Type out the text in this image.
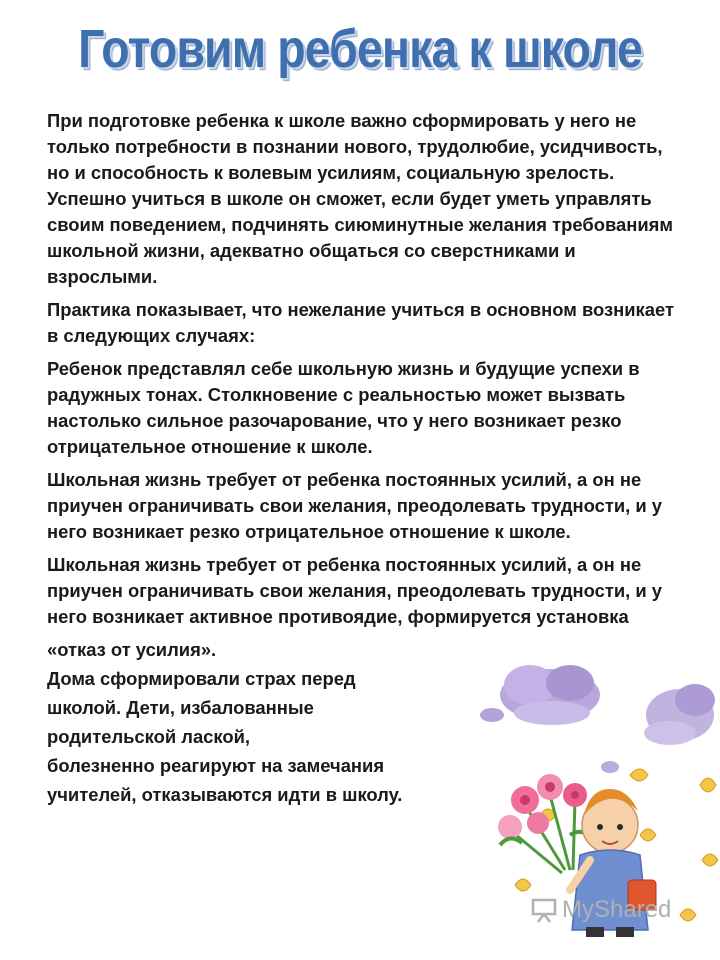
Готовим ребенка к школе

При подготовке ребенка к школе важно сформировать у него не только потребности в познании нового, трудолюбие, усидчивость, но и способность к волевым усилиям, социальную зрелость. Успешно учиться в школе он сможет, если будет уметь управлять своим поведением, подчинять сиюминутные желания требованиям школьной жизни, адекватно общаться со сверстниками и взрослыми.

Практика показывает, что нежелание учиться в основном возникает в следующих случаях:

Ребенок представлял себе школьную жизнь и будущие успехи в радужных тонах. Столкновение с реальностью может вызвать настолько сильное разочарование, что у него возникает резко отрицательное отношение к школе.

Школьная жизнь требует от ребенка постоянных усилий, а он не приучен ограничивать свои желания, преодолевать трудности, и у него возникает резко отрицательное отношение к школе.

Школьная жизнь требует от ребенка постоянных усилий, а он не приучен ограничивать свои желания, преодолевать трудности, и у него возникает активное противоядие, формируется установка

«отказ от усилия».

Дома сформировали страх перед

школой. Дети, избалованные

родительской лаской,

болезненно реагируют на замечания

учителей, отказываются идти в школу.

MyShared
